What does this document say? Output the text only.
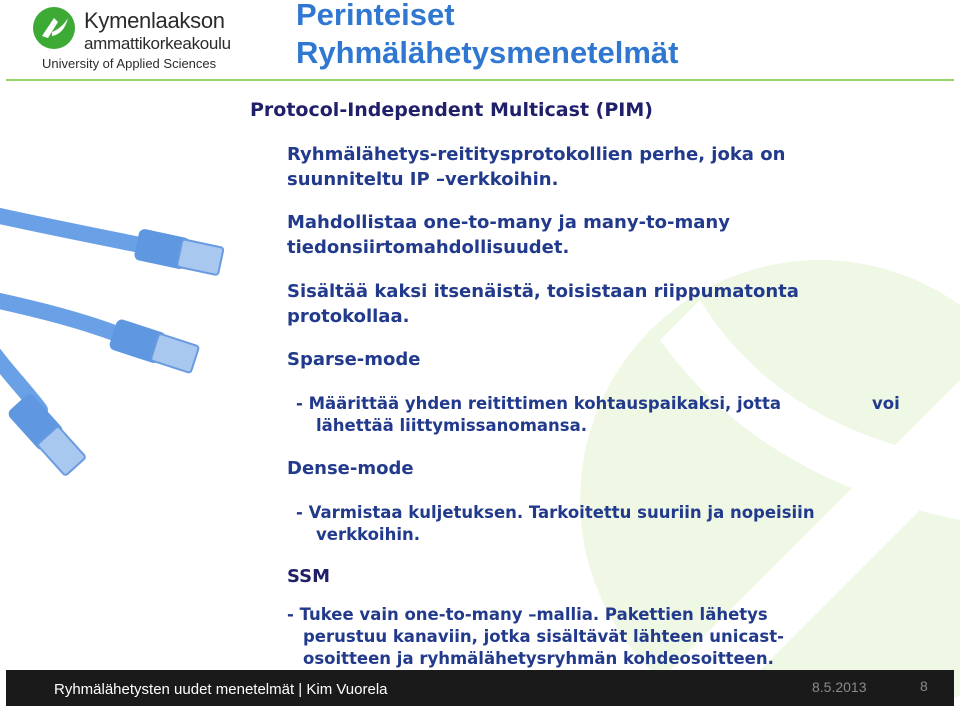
Kymenlaakson
ammattikorkeakoulu
University of Applied Sciences
Perinteiset
Ryhmälähetysmenetelmät
Protocol-Independent Multicast (PIM)
Ryhmälähetys-reititysprotokollien perhe, joka on
suunniteltu IP –verkkoihin.
Mahdollistaa one-to-many ja many-to-many
tiedonsiirtomahdollisuudet.
Sisältää kaksi itsenäistä, toisistaan riippumatonta
protokollaa.
Sparse-mode
- Määrittää yhden reitittimen kohtauspaikaksi, jotta
lähettää liittymissanomansa.
voi
Dense-mode
- Varmistaa kuljetuksen. Tarkoitettu suuriin ja nopeisiin
verkkoihin.
SSM
- Tukee vain one-to-many –mallia. Pakettien lähetys
perustuu kanaviin, jotka sisältävät lähteen unicast-
osoitteen ja ryhmälähetysryhmän kohdeosoitteen.
Ryhmälähetysten uudet menetelmät | Kim Vuorela	8.5.2013	8
